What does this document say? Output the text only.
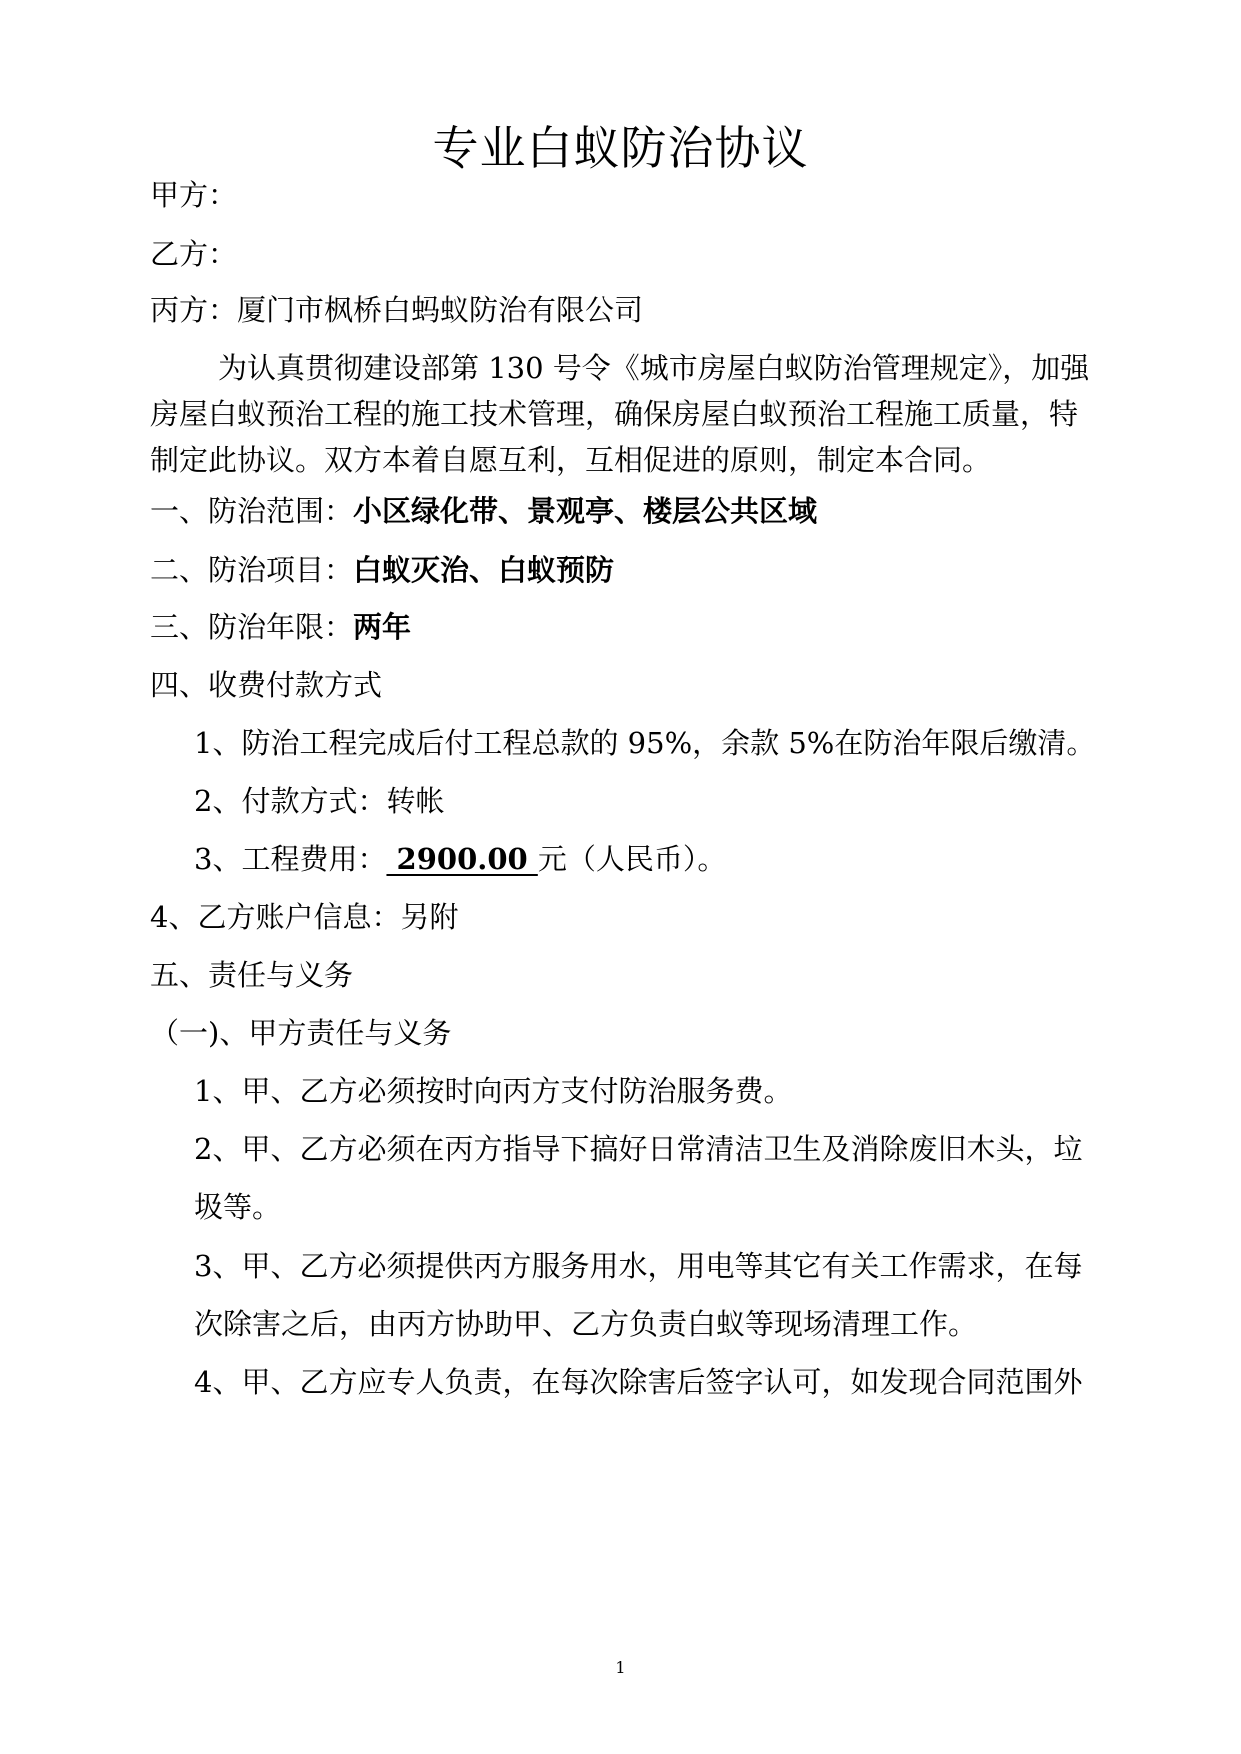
专业白蚁防治协议
甲方：
乙方：
丙方：厦门市枫桥白蚂蚁防治有限公司
为认真贯彻建设部第 130 号令《城市房屋白蚁防治管理规定》，加强
房屋白蚁预治工程的施工技术管理，确保房屋白蚁预治工程施工质量，特
制定此协议。双方本着自愿互利，互相促进的原则，制定本合同。
一、防治范围：小区绿化带、景观亭、楼层公共区域
二、防治项目：白蚁灭治、白蚁预防
三、防治年限：两年
四、收费付款方式
1、防治工程完成后付工程总款的 95%，余款 5%在防治年限后缴清。
2、付款方式：转帐
3、工程费用： 2900.00 元（人民币）。
4、乙方账户信息：另附
五、责任与义务
（一)、甲方责任与义务
1、甲、乙方必须按时向丙方支付防治服务费。
2、甲、乙方必须在丙方指导下搞好日常清洁卫生及消除废旧木头，垃
圾等。
3、甲、乙方必须提供丙方服务用水，用电等其它有关工作需求，在每
次除害之后，由丙方协助甲、乙方负责白蚁等现场清理工作。
4、甲、乙方应专人负责，在每次除害后签字认可，如发现合同范围外
1
